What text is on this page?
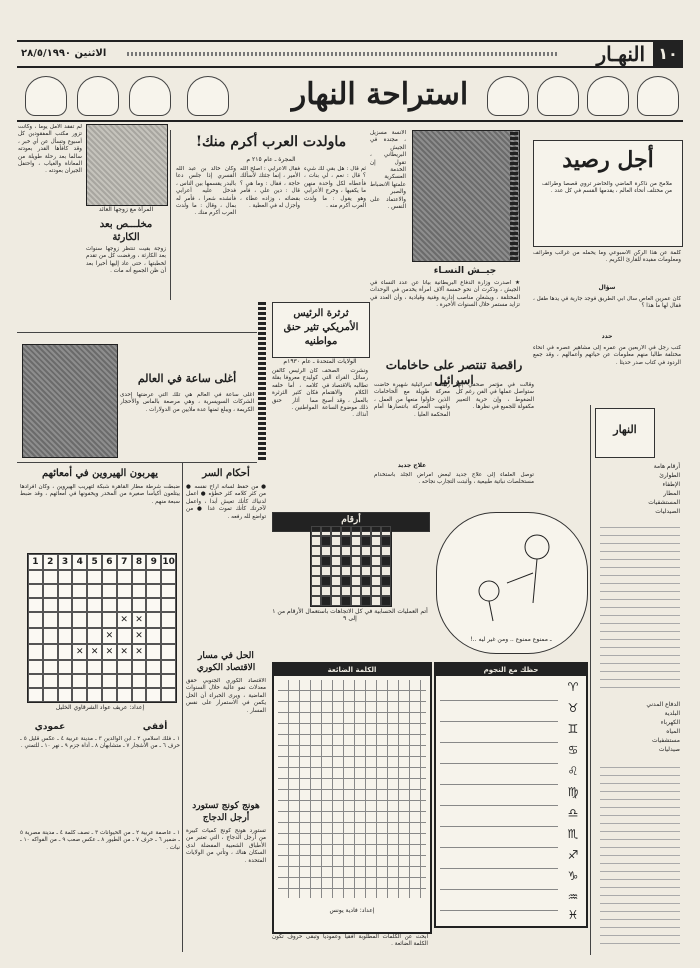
١٠
النهـار
الاثنين ٢٨/٥/١٩٩٠
استراحة النهار
أجل رصيد
ملامح من ذاكرة الماضي والحاضر تروي قصصا وطرائف من مختلف أنحاء العالم ، يقدمها القسم في كل عدد .
كلمة عن هذا الركن الأسبوعي وما يحمله من غرائب وطرائف ومعلومات مفيدة للقارئ الكريم .
سؤال
كان عمرين العاص سأل أبي الطريق فوجد جارية في يدها طفل ، فقال لها ما هذا ؟
حدد
كتب رجل في الأربعين من عمره إلى مشاهير عصره في أنحاء مختلفة طالبا منهم معلومات عن حياتهم وأعمالهم ، وقد جمع الردود في كتاب صدر حديثا .
النهار
أرقام هامة
الطوارئ
الإطفاء
المطار
المستشفيات
الصيدليات
الدفاع المدني
البلدية
الكهرباء
المياه
مستشفيات
صيدليات
الأنسة مسزيل ، مجندة في الجيش البريطاني ، تقول إن الخدمة العسكرية علمتها الانضباط والصبر والاعتماد على النفس .
جيــش النسـاء
★ اصدرت وزارة الدفاع البريطانية بيانا عن عدد النساء في الجيش ، وذكرت أن نحو خمسة آلاف امرأة يخدمن في الوحدات المختلفة ، ويشغلن مناصب إدارية وفنية وقيادية ، وأن العدد في تزايد مستمر خلال السنوات الأخيرة .
ماولدت العرب أكرم منك!
المجرة ـ عام ٢١٥ م
وكان خالد بن عبد الله القسري إذا جلس دعا بالبدر يقسمها بين الناس ، فدخل عليه أعرابي فأنشده شعرا ، فأمر له بمال ، وقال : ما ولدت العرب أكرم منك .
فقال الأعرابي : أصلح الله الأمير ، إنما جئتك لأسألك حاجة ، فقال : وما هي ؟ قال : دين علي ، فأمر بقضائه ، وزاده عطاء ، وأجزل له في العطية .
ثم قال : هل بقي لك شيء ؟ قال : نعم ، لي بنات ، فأعطاه لكل واحدة منهن ما يكفيها ، وخرج الأعرابي وهو يقول : ما ولدت العرب أكرم منه .
المرأة مع زوجها العائد
مخلـــص بعد الكارثة
زوجة بقيت تنتظر زوجها سنوات بعد الكارثة ، ورفضت كل من تقدم لخطبتها ، حتى عاد إليها أخيرا بعد أن ظن الجميع أنه مات .
لم تفقد الأمل يوما ، وكانت تزور مكتب المفقودين كل أسبوع وتسأل عن أي خبر ، وقد كافأها القدر بعودته سالما بعد رحلة طويلة من المعاناة والغياب ، واحتفل الجيران بعودته .
أغلى ساعة في العالم
أغلى ساعة في العالم هي تلك التي عرضتها إحدى الشركات السويسرية ، وهي مرصعة بالماس والأحجار الكريمة ، ويبلغ ثمنها عدة ملايين من الدولارات .
ثرثرة الرئيس الأمريكي تثير حنق مواطنيه
الولايات المتحدة ـ عام ١٩٣٠م
كان الرئيس كالفن كوليدج معروفا بقلة كلامه ، أما خلفه فكان كثير الثرثرة مما أثار حنق المواطنين .
ونشرت الصحف رسائل القراء التي تطالبه بالاقتصاد في الكلام والاهتمام بالعمل ، وقد أصبح ذلك موضوع الساعة آنذاك .
راقصة تنتصر على حاخامات اسرائيل
راقصة اسرائيلية شهيرة خاضت معركة طويلة مع الحاخامات الذين حاولوا منعها من العمل ، وانتهت المعركة بانتصارها أمام المحكمة العليا .
وقالت في مؤتمر صحفي إنها ستواصل عملها في الفن رغم كل الضغوط ، وإن حرية التعبير مكفولة للجميع في نظرها .
علاج جديد
توصل العلماء إلى علاج جديد لبعض أمراض الجلد باستخدام مستخلصات نباتية طبيعية ، وأثبتت التجارب نجاحه .
يهربون الهيروين في أمعائهم
ضبطت شرطة مطار القاهرة شبكة لتهريب الهيروين ، وكان أفرادها يبتلعون أكياسا صغيرة من المخدر ويخفونها في أمعائهم ، وقد ضبط سبعة منهم .
أحكام السر
● من حفظ لسانه أراح نفسه ● من كثر كلامه كثر خطؤه ● اعمل لدنياك كأنك تعيش أبدا ، واعمل لآخرتك كأنك تموت غدا ● من تواضع لله رفعه .
الحل في مسار الاقتصاد الكوري
الاقتصاد الكوري الجنوبي حقق معدلات نمو عالية خلال السنوات الماضية ، ويرى الخبراء أن الحل يكمن في الاستمرار على نفس المسار .
هونج كونج تستورد أرجل الدجاج
تستورد هونج كونج كميات كبيرة من أرجل الدجاج ، التي تعتبر من الأطباق الشعبية المفضلة لدى السكان هناك ، وتأتي من الولايات المتحدة .
1 2 3 4 5 6 7 8 9 10
✕ ✕
✕	✕
✕ ✕ ✕ ✕ ✕
إعداد: عريف عواد الشرقاوي الخليل
أفقي
١ ـ فلك اسلامي ٢ ـ ابن الوالدين ٣ ـ مدينة عربية ٤ ـ عكس قليل ٥ ـ حرف ٦ ـ من الأشجار ٧ ـ متشابهان ٨ ـ أداة جزم ٩ ـ نهر ١٠ ـ للتمني .
عمودي
١ ـ عاصمة عربية ٢ ـ من الحيوانات ٣ ـ نصف كلمة ٤ ـ مدينة مصرية ٥ ـ ضمير ٦ ـ حرف ٧ ـ من الطيور ٨ ـ عكس صعب ٩ ـ من الفواكه ١٠ ـ نبات .
أرقام
أتم العمليات الحسابية في كل الاتجاهات باستعمال الأرقام من ١ إلى ٩
ـ ممنوع ممنوع .. ومن غير ليه ..!
الكلمة الضائعة
إعداد: فادية يونس
ابحث عن الكلمات المطلوبة أفقيا وعموديا وتبقى حروف تكون الكلمة الضائعة .
حظك مع النجوم
♈
♉
♊
♋
♌
♍
♎
♏
♐
♑
♒
♓
